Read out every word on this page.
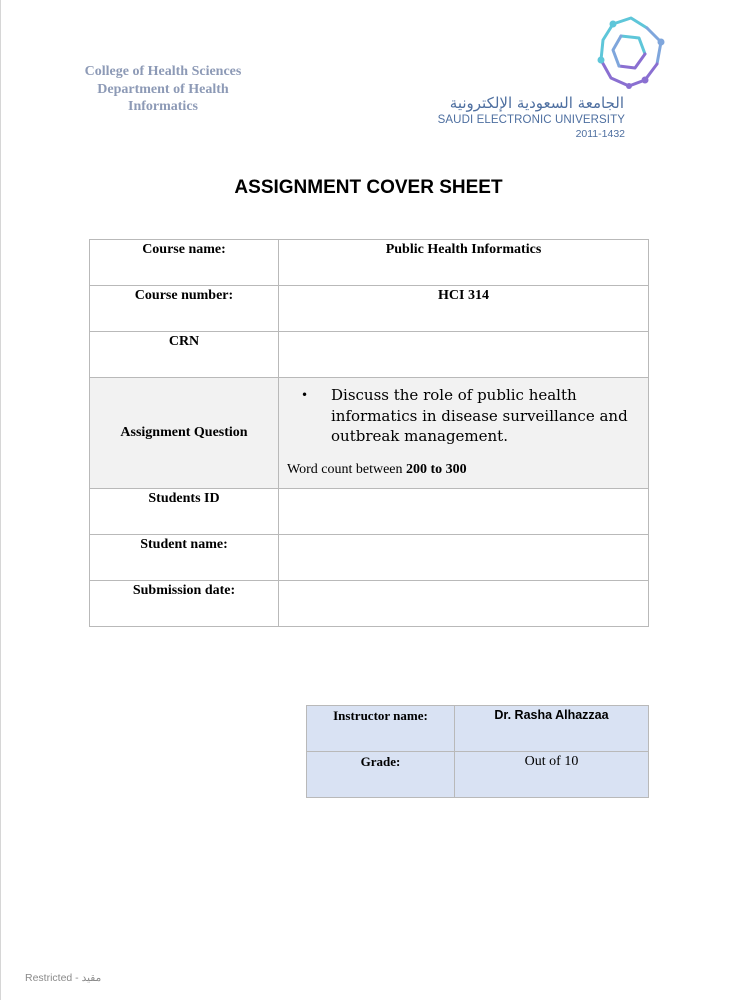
College of Health Sciences
Department of Health
Informatics	الجامعة السعودية الإلكترونية
SAUDI ELECTRONIC UNIVERSITY
2011-1432
ASSIGNMENT COVER SHEET
Course name:	Public Health Informatics
Course number:	HCI 314
CRN	
Assignment Question	• Discuss the role of public health informatics in disease surveillance and outbreak management.
Word count between 200 to 300

Students ID	
Student name:	
Submission date:	
Instructor name:	Dr. Rasha Alhazzaa
Grade:	Out of 10
Restricted - مقيد
